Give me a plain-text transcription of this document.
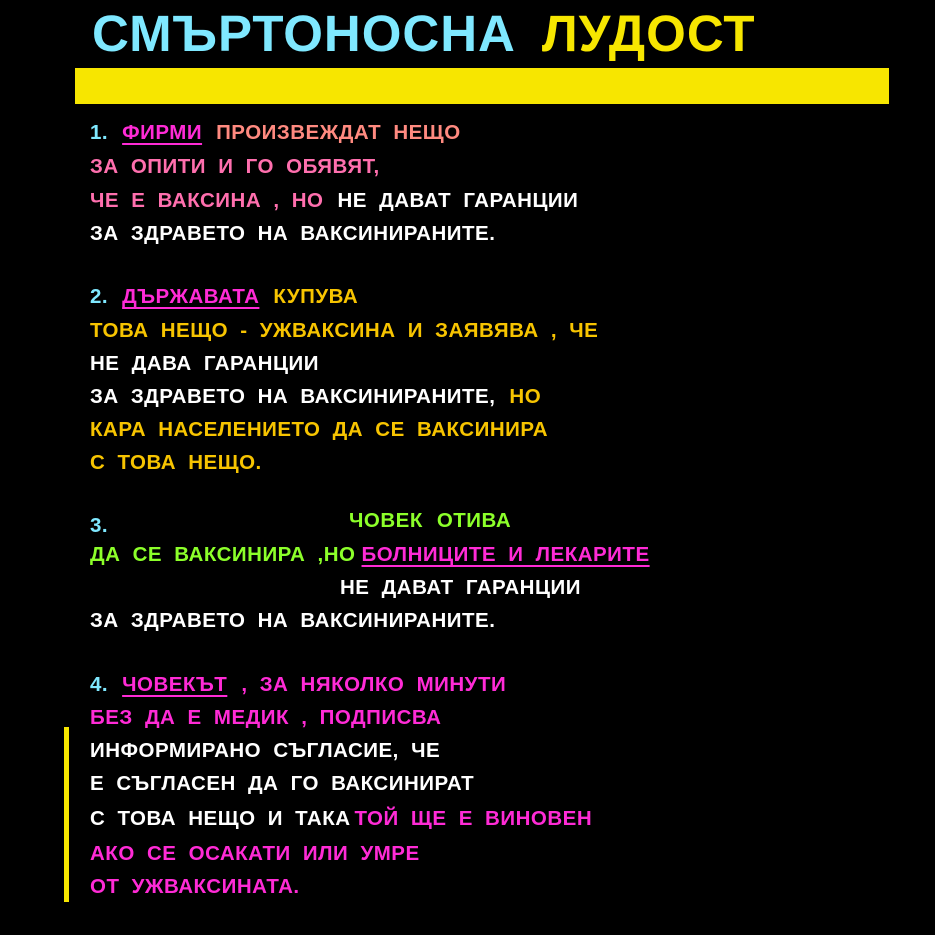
СМЪРТОНОСНА ЛУДОСТ
1. ФИРМИ ПРОИЗВЕЖДАТ НЕЩО
ЗА ОПИТИ И ГО ОБЯВЯТ,
ЧЕ Е ВАКСИНА , НО НЕ ДАВАТ ГАРАНЦИИ
ЗА ЗДРАВЕТО НА ВАКСИНИРАНИТЕ.
2. ДЪРЖАВАТА КУПУВА
ТОВА НЕЩО - УЖВАКСИНА И ЗАЯВЯВА , ЧЕ
НЕ ДАВА ГАРАНЦИИ
ЗА ЗДРАВЕТО НА ВАКСИНИРАНИТЕ, НО
КАРА НАСЕЛЕНИЕТО ДА СЕ ВАКСИНИРА
С ТОВА НЕЩО.
3.	ЧОВЕК ОТИВА
ДА СЕ ВАКСИНИРА ,НО БОЛНИЦИТЕ И ЛЕКАРИТЕ
НЕ ДАВАТ ГАРАНЦИИ
ЗА ЗДРАВЕТО НА ВАКСИНИРАНИТЕ.
4. ЧОВЕКЪТ , ЗА НЯКОЛКО МИНУТИ
БЕЗ ДА Е МЕДИК , ПОДПИСВА
ИНФОРМИРАНО СЪГЛАСИЕ, ЧЕ
Е СЪГЛАСЕН ДА ГО ВАКСИНИРАТ
С ТОВА НЕЩО И ТАКА ТОЙ ЩЕ Е ВИНОВЕН
АКО СЕ ОСАКАТИ ИЛИ УМРЕ
ОТ УЖВАКСИНАТА.
